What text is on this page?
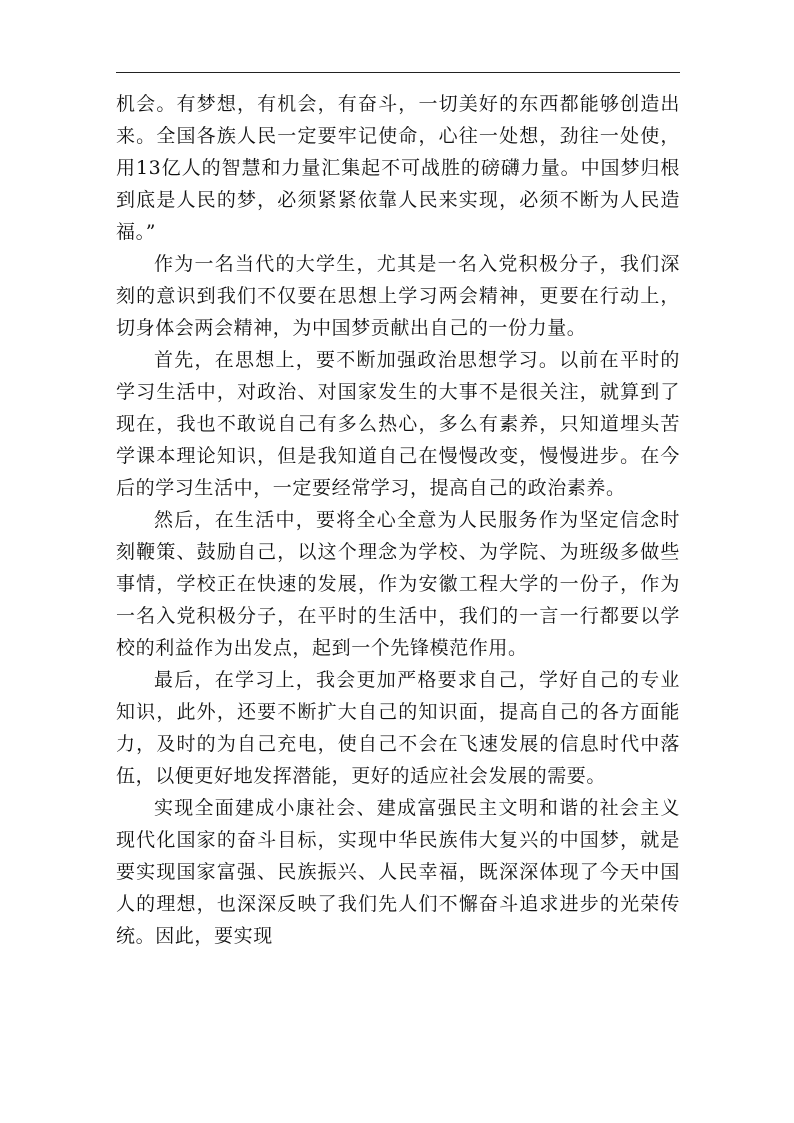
机会。有梦想，有机会，有奋斗，一切美好的东西都能够创造出来。全国各族人民一定要牢记使命，心往一处想，劲往一处使，用13亿人的智慧和力量汇集起不可战胜的磅礴力量。中国梦归根到底是人民的梦，必须紧紧依靠人民来实现，必须不断为人民造福。”

作为一名当代的大学生，尤其是一名入党积极分子，我们深刻的意识到我们不仅要在思想上学习两会精神，更要在行动上，切身体会两会精神，为中国梦贡献出自己的一份力量。

首先，在思想上，要不断加强政治思想学习。以前在平时的学习生活中，对政治、对国家发生的大事不是很关注，就算到了现在，我也不敢说自己有多么热心，多么有素养，只知道埋头苦学课本理论知识，但是我知道自己在慢慢改变，慢慢进步。在今后的学习生活中，一定要经常学习，提高自己的政治素养。

然后，在生活中，要将全心全意为人民服务作为坚定信念时刻鞭策、鼓励自己，以这个理念为学校、为学院、为班级多做些事情，学校正在快速的发展，作为安徽工程大学的一份子，作为一名入党积极分子，在平时的生活中，我们的一言一行都要以学校的利益作为出发点，起到一个先锋模范作用。

最后，在学习上，我会更加严格要求自己，学好自己的专业知识，此外，还要不断扩大自己的知识面，提高自己的各方面能力，及时的为自己充电，使自己不会在飞速发展的信息时代中落伍，以便更好地发挥潜能，更好的适应社会发展的需要。

实现全面建成小康社会、建成富强民主文明和谐的社会主义现代化国家的奋斗目标，实现中华民族伟大复兴的中国梦，就是要实现国家富强、民族振兴、人民幸福，既深深体现了今天中国人的理想，也深深反映了我们先人们不懈奋斗追求进步的光荣传统。因此，要实现
